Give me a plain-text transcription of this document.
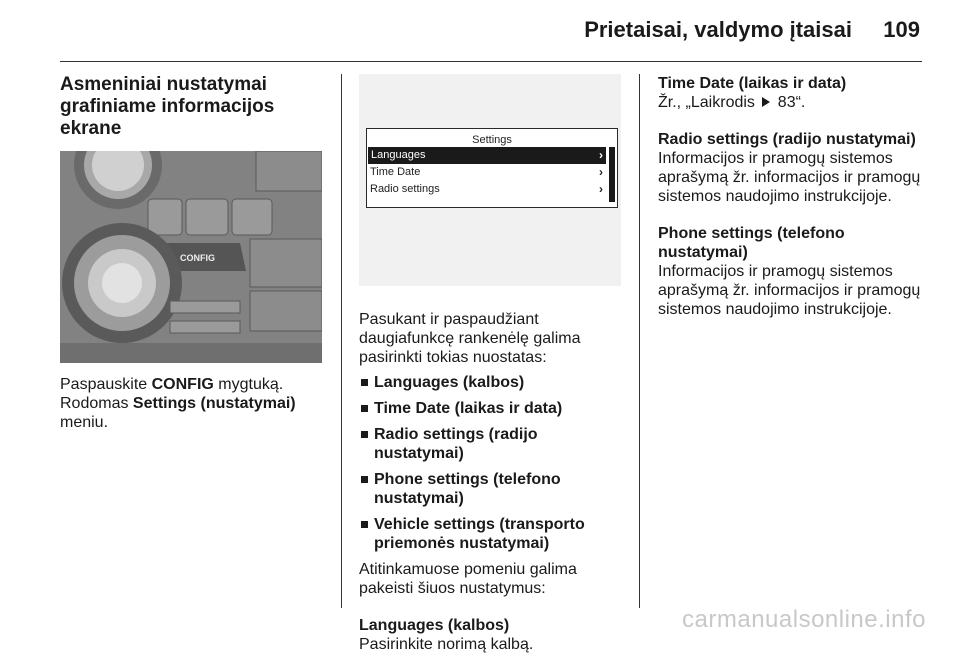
Prietaisai, valdymo įtaisai 109
Asmeniniai nustatymai
grafiniame informacijos ekrane
CONFIG

Paspauskite CONFIG mygtuką.
Rodomas Settings (nustatymai)
meniu.

Settings
Languages	›
Time Date	›
Radio settings	›

Pasukant ir paspaudžiant
daugiafunkcę rankenėlę galima
pasirinkti tokias nuostatas:

Languages (kalbos)
Time Date (laikas ir data)
Radio settings (radijo nustatymai)
Phone settings (telefono
nustatymai)
Vehicle settings (transporto
priemonės nustatymai)

Atitinkamuose pomeniu galima
pakeisti šiuos nustatymus:

Languages (kalbos)
Pasirinkite norimą kalbą.
Time Date (laikas ir data)
Žr., „Laikrodis  83“.
Radio settings (radijo nustatymai)
Informacijos ir pramogų sistemos
aprašymą žr. informacijos ir pramogų
sistemos naudojimo instrukcijoje.
Phone settings (telefono nustatymai)
Informacijos ir pramogų sistemos
aprašymą žr. informacijos ir pramogų
sistemos naudojimo instrukcijoje.
carmanualsonline.info
